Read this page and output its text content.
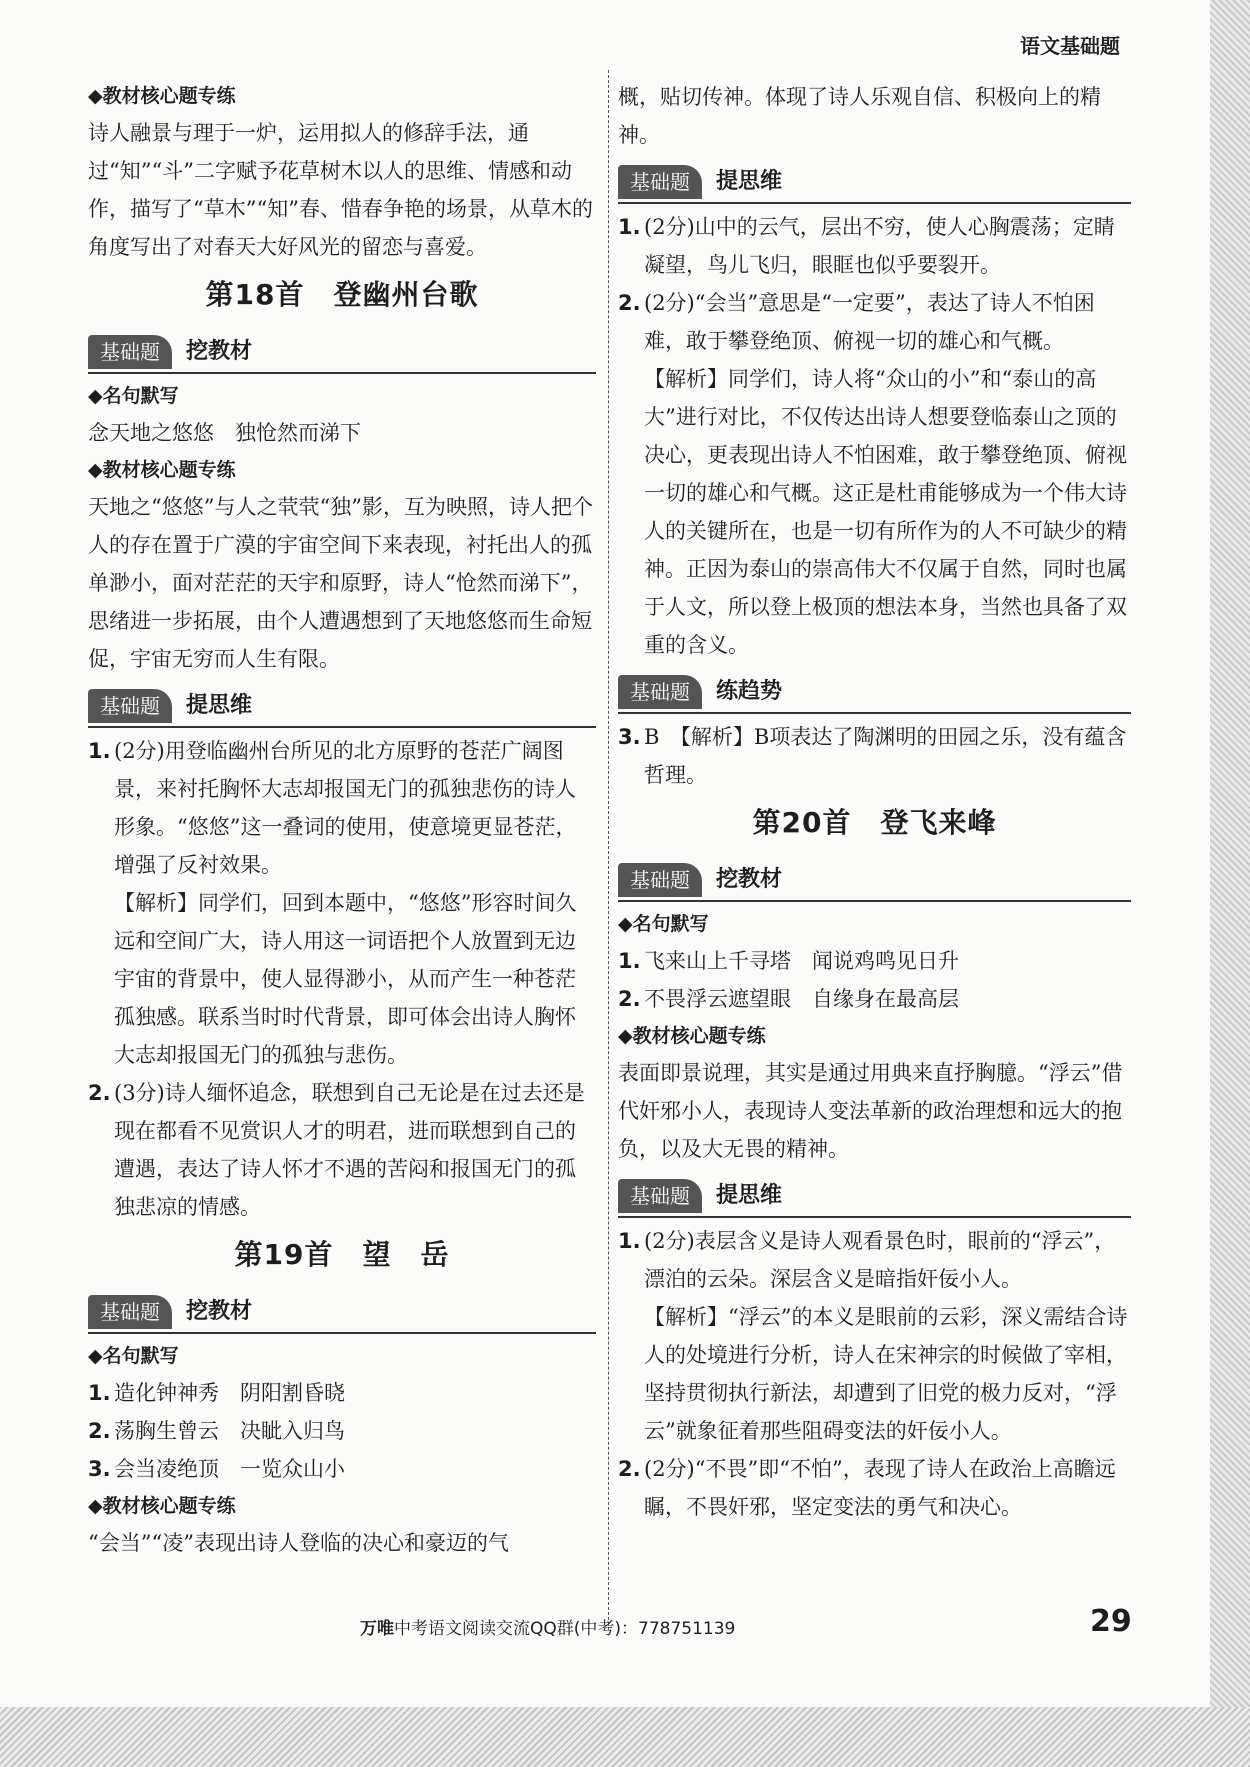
语文基础题

◆教材核心题专练

诗人融景与理于一炉，运用拟人的修辞手法，通过“知”“斗”二字赋予花草树木以人的思维、情感和动作，描写了“草木”“知”春、惜春争艳的场景，从草木的角度写出了对春天大好风光的留恋与喜爱。

第18首　登幽州台歌
基础题	挖教材

◆名句默写

念天地之悠悠　独怆然而涕下

◆教材核心题专练

天地之“悠悠”与人之茕茕“独”影，互为映照，诗人把个人的存在置于广漠的宇宙空间下来表现，衬托出人的孤单渺小，面对茫茫的天宇和原野，诗人“怆然而涕下”，思绪进一步拓展，由个人遭遇想到了天地悠悠而生命短促，宇宙无穷而人生有限。

基础题	提思维
1. (2分)用登临幽州台所见的北方原野的苍茫广阔图景，来衬托胸怀大志却报国无门的孤独悲伤的诗人形象。“悠悠”这一叠词的使用，使意境更显苍茫，增强了反衬效果。

【解析】同学们，回到本题中，“悠悠”形容时间久远和空间广大，诗人用这一词语把个人放置到无边宇宙的背景中，使人显得渺小，从而产生一种苍茫孤独感。联系当时时代背景，即可体会出诗人胸怀大志却报国无门的孤独与悲伤。

2. (3分)诗人缅怀追念，联想到自己无论是在过去还是现在都看不见赏识人才的明君，进而联想到自己的遭遇，表达了诗人怀才不遇的苦闷和报国无门的孤独悲凉的情感。
第19首　望　岳
基础题	挖教材

◆名句默写

1. 造化钟神秀　阴阳割昏晓
2. 荡胸生曾云　决眦入归鸟
3. 会当凌绝顶　一览众山小

◆教材核心题专练

“会当”“凌”表现出诗人登临的决心和豪迈的气

概，贴切传神。体现了诗人乐观自信、积极向上的精神。

基础题	提思维
1. (2分)山中的云气，层出不穷，使人心胸震荡；定睛凝望，鸟儿飞归，眼眶也似乎要裂开。
2. (2分)“会当”意思是“一定要”，表达了诗人不怕困难，敢于攀登绝顶、俯视一切的雄心和气概。

【解析】同学们，诗人将“众山的小”和“泰山的高大”进行对比，不仅传达出诗人想要登临泰山之顶的决心，更表现出诗人不怕困难，敢于攀登绝顶、俯视一切的雄心和气概。这正是杜甫能够成为一个伟大诗人的关键所在，也是一切有所作为的人不可缺少的精神。正因为泰山的崇高伟大不仅属于自然，同时也属于人文，所以登上极顶的想法本身，当然也具备了双重的含义。

基础题	练趋势
3. B　【解析】B项表达了陶渊明的田园之乐，没有蕴含哲理。
第20首　登飞来峰
基础题	挖教材

◆名句默写

1. 飞来山上千寻塔　闻说鸡鸣见日升
2. 不畏浮云遮望眼　自缘身在最高层

◆教材核心题专练

表面即景说理，其实是通过用典来直抒胸臆。“浮云”借代奸邪小人，表现诗人变法革新的政治理想和远大的抱负，以及大无畏的精神。

基础题	提思维
1. (2分)表层含义是诗人观看景色时，眼前的“浮云”，漂泊的云朵。深层含义是暗指奸佞小人。

【解析】“浮云”的本义是眼前的云彩，深义需结合诗人的处境进行分析，诗人在宋神宗的时候做了宰相，坚持贯彻执行新法，却遭到了旧党的极力反对，“浮云”就象征着那些阻碍变法的奸佞小人。

2. (2分)“不畏”即“不怕”，表现了诗人在政治上高瞻远瞩，不畏奸邪，坚定变法的勇气和决心。
万唯中考语文阅读交流QQ群(中考)：778751139	29
